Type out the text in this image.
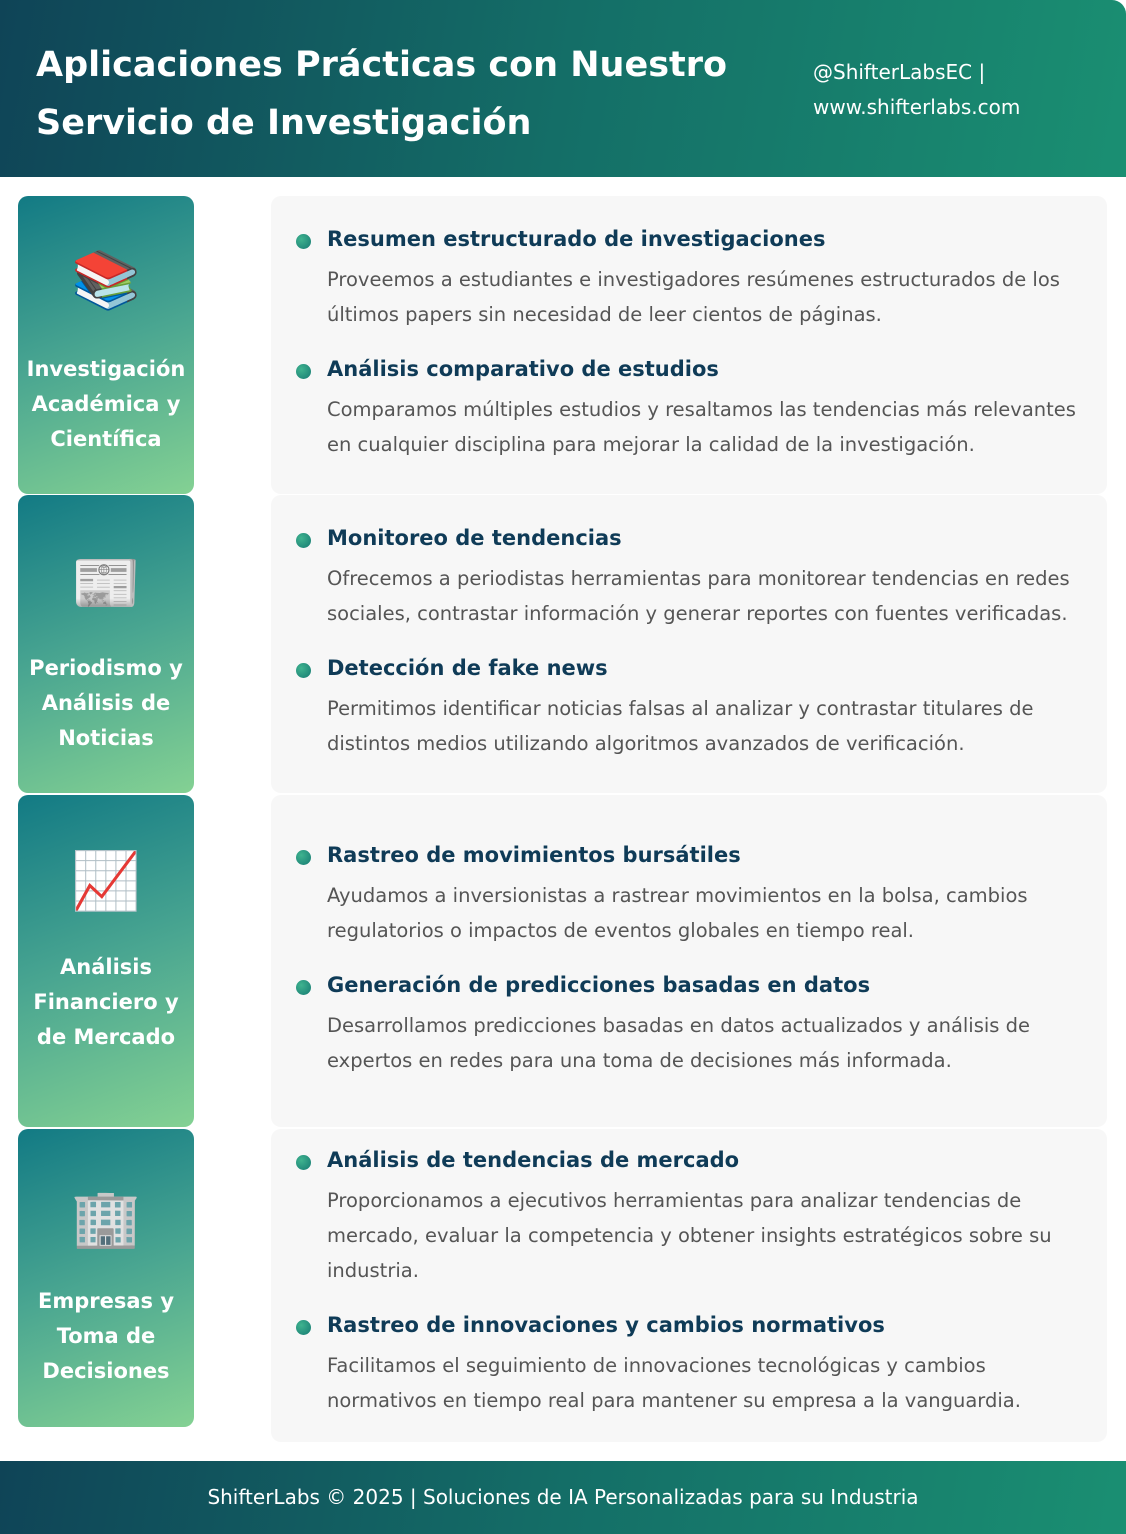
Aplicaciones Prácticas con Nuestro Servicio de Investigación
@ShifterLabsEC |
www.shifterlabs.com
📚
Investigación Académica y Científica
Resumen estructurado de investigaciones
Proveemos a estudiantes e investigadores resúmenes estructurados de los últimos papers sin necesidad de leer cientos de páginas.
Análisis comparativo de estudios
Comparamos múltiples estudios y resaltamos las tendencias más relevantes en cualquier disciplina para mejorar la calidad de la investigación.
📰
Periodismo y Análisis de Noticias
Monitoreo de tendencias
Ofrecemos a periodistas herramientas para monitorear tendencias en redes sociales, contrastar información y generar reportes con fuentes verificadas.
Detección de fake news
Permitimos identificar noticias falsas al analizar y contrastar titulares de distintos medios utilizando algoritmos avanzados de verificación.
📈
Análisis Financiero y de Mercado
Rastreo de movimientos bursátiles
Ayudamos a inversionistas a rastrear movimientos en la bolsa, cambios regulatorios o impactos de eventos globales en tiempo real.
Generación de predicciones basadas en datos
Desarrollamos predicciones basadas en datos actualizados y análisis de expertos en redes para una toma de decisiones más informada.
🏢
Empresas y Toma de Decisiones
Análisis de tendencias de mercado
Proporcionamos a ejecutivos herramientas para analizar tendencias de mercado, evaluar la competencia y obtener insights estratégicos sobre su industria.
Rastreo de innovaciones y cambios normativos
Facilitamos el seguimiento de innovaciones tecnológicas y cambios normativos en tiempo real para mantener su empresa a la vanguardia.
ShifterLabs © 2025 | Soluciones de IA Personalizadas para su Industria
